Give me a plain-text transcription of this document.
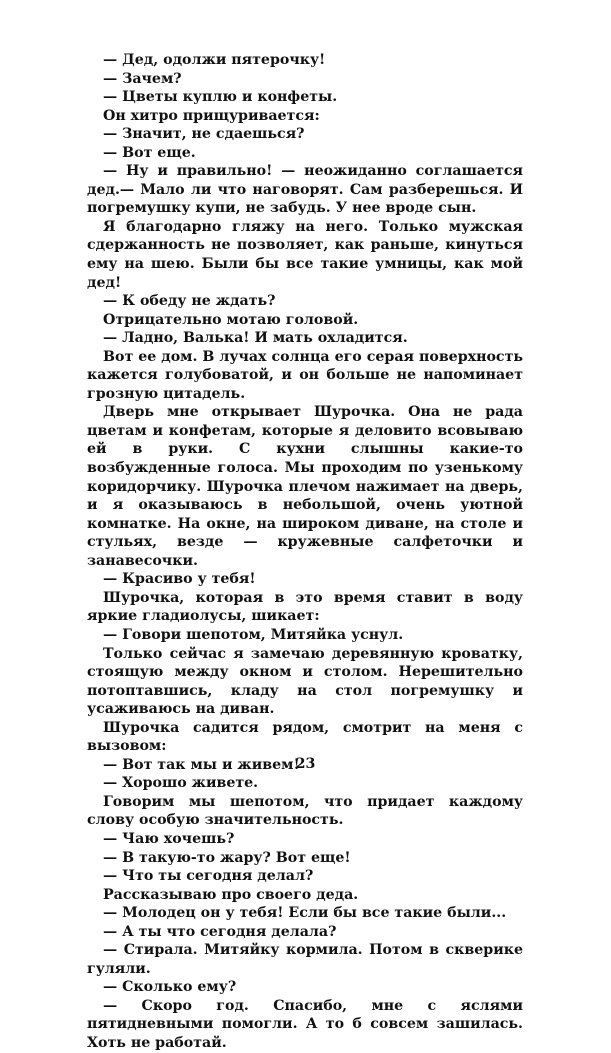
— Дед, одолжи пятерочку!

— Зачем?

— Цветы куплю и конфеты.

Он хитро прищуривается:

— Значит, не сдаешься?

— Вот еще.

— Ну и правильно! — неожиданно соглашается дед.— Мало ли что наговорят. Сам разберешься. И погремушку купи, не забудь. У нее вроде сын.

Я благодарно гляжу на него. Только мужская сдержанность не позволяет, как раньше, кинуться ему на шею. Были бы все такие умницы, как мой дед!

— К обеду не ждать?

Отрицательно мотаю головой.

— Ладно, Валька! И мать охладится.

Вот ее дом. В лучах солнца его серая поверхность кажется голубоватой, и он больше не напоминает грозную цитадель.

Дверь мне открывает Шурочка. Она не рада цветам и конфетам, которые я деловито всовываю ей в руки. С кухни слышны какие-то возбужденные голоса. Мы проходим по узенькому коридорчику. Шурочка плечом нажимает на дверь, и я оказываюсь в небольшой, очень уютной комнатке. На окне, на широком диване, на столе и стульях, везде — кружевные салфеточки и занавесочки.

— Красиво у тебя!

Шурочка, которая в это время ставит в воду яркие гладиолусы, шикает:

— Говори шепотом, Митяйка уснул.

Только сейчас я замечаю деревянную кроватку, стоящую между окном и столом. Нерешительно потоптавшись, кладу на стол погремушку и усаживаюсь на диван.

Шурочка садится рядом, смотрит на меня с вызовом:

— Вот так мы и живем!

— Хорошо живете.

Говорим мы шепотом, что придает каждому слову особую значительность.

— Чаю хочешь?

— В такую-то жару? Вот еще!

— Что ты сегодня делал?

Рассказываю про своего деда.

— Молодец он у тебя! Если бы все такие были...

— А ты что сегодня делала?

— Стирала. Митяйку кормила. Потом в скверике гуляли.

— Сколько ему?

— Скоро год. Спасибо, мне с яслями пятидневными помогли. А то б совсем зашилась. Хоть не работай.

23
